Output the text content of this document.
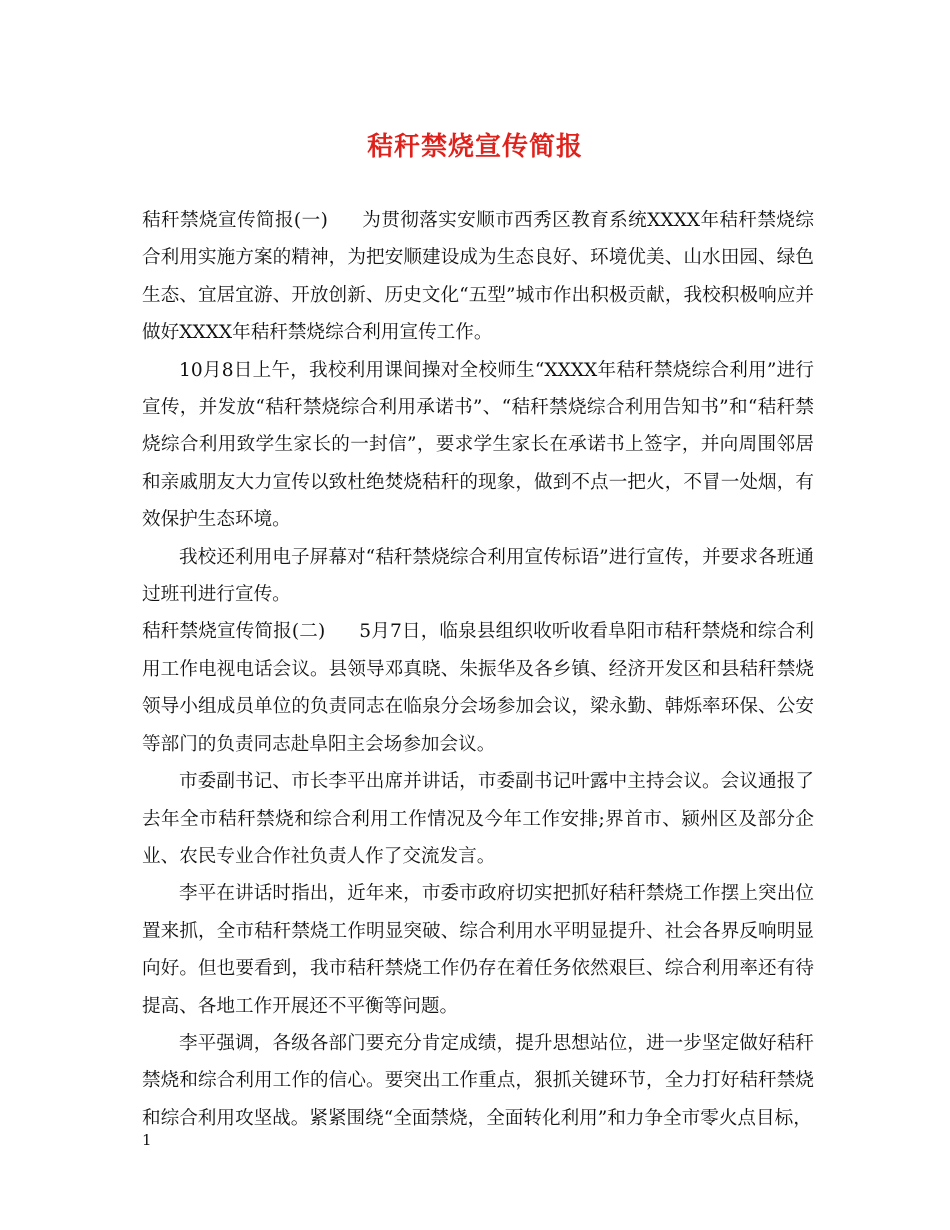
秸秆禁烧宣传简报

秸秆禁烧宣传简报(一) 为贯彻落实安顺市西秀区教育系统XXXX年秸秆禁烧综合利用实施方案的精神，为把安顺建设成为生态良好、环境优美、山水田园、绿色生态、宜居宜游、开放创新、历史文化“五型”城市作出积极贡献，我校积极响应并做好XXXX年秸秆禁烧综合利用宣传工作。

10月8日上午，我校利用课间操对全校师生“XXXX年秸秆禁烧综合利用”进行宣传，并发放“秸秆禁烧综合利用承诺书”、“秸秆禁烧综合利用告知书”和“秸秆禁烧综合利用致学生家长的一封信”，要求学生家长在承诺书上签字，并向周围邻居和亲戚朋友大力宣传以致杜绝焚烧秸秆的现象，做到不点一把火，不冒一处烟，有效保护生态环境。

我校还利用电子屏幕对“秸秆禁烧综合利用宣传标语”进行宣传，并要求各班通过班刊进行宣传。

秸秆禁烧宣传简报(二) 5月7日，临泉县组织收听收看阜阳市秸秆禁烧和综合利用工作电视电话会议。县领导邓真晓、朱振华及各乡镇、经济开发区和县秸秆禁烧领导小组成员单位的负责同志在临泉分会场参加会议，梁永勤、韩烁率环保、公安等部门的负责同志赴阜阳主会场参加会议。

市委副书记、市长李平出席并讲话，市委副书记叶露中主持会议。会议通报了去年全市秸秆禁烧和综合利用工作情况及今年工作安排;界首市、颍州区及部分企业、农民专业合作社负责人作了交流发言。

李平在讲话时指出，近年来，市委市政府切实把抓好秸秆禁烧工作摆上突出位置来抓，全市秸秆禁烧工作明显突破、综合利用水平明显提升、社会各界反响明显向好。但也要看到，我市秸秆禁烧工作仍存在着任务依然艰巨、综合利用率还有待提高、各地工作开展还不平衡等问题。

李平强调，各级各部门要充分肯定成绩，提升思想站位，进一步坚定做好秸秆禁烧和综合利用工作的信心。要突出工作重点，狠抓关键环节，全力打好秸秆禁烧和综合利用攻坚战。紧紧围绕“全面禁烧，全面转化利用”和力争全市零火点目标，

1
